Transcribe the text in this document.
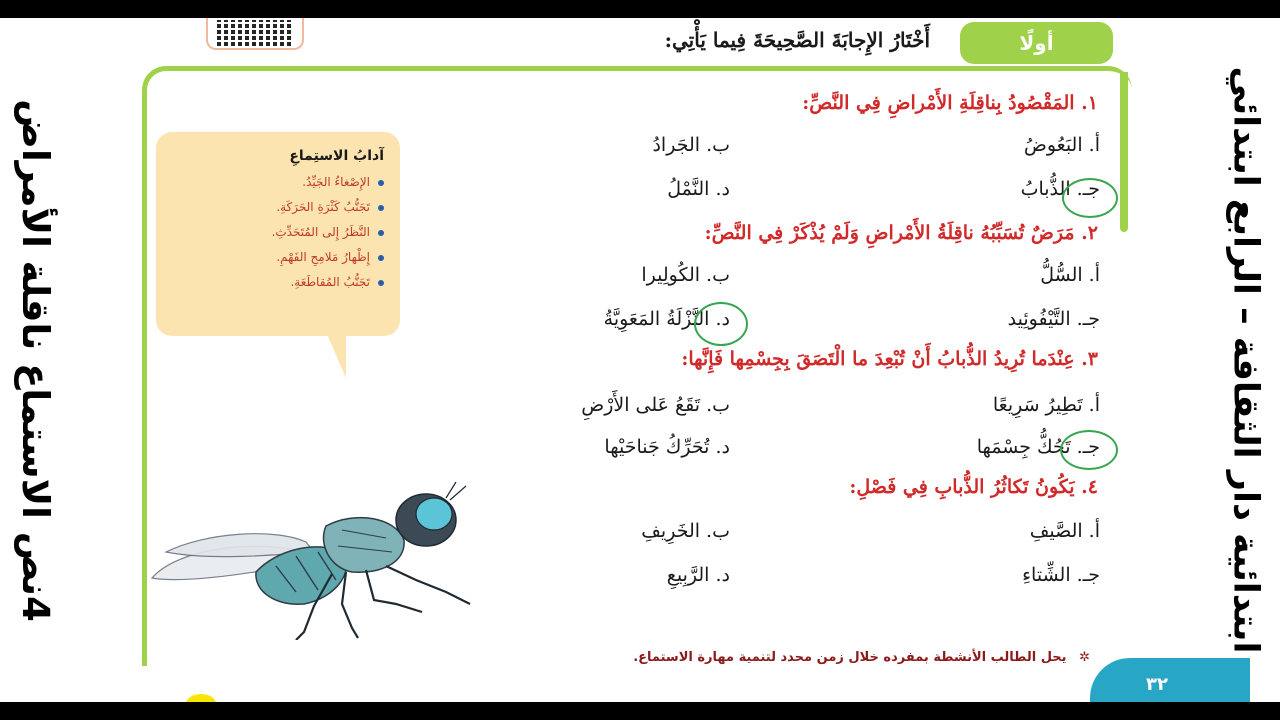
4نص الاستماع ناقلة الأمراض	ابتدائية دار الثقافة – الرابع ابتدائي
أولًا
أَخْتَارُ الإِجابَةَ الصَّحِيحَةَ فِيما يَأْتِي:
آدابُ الاستِماعِ
الإِصْغاءُ الجَيِّدُ.
تَجَنُّبُ كَثْرَةِ الحَرَكَةِ.
النَّظَرُ إِلى المُتَحَدِّثِ.
إِظْهارُ مَلامِحِ الفَهْمِ.
تَجَنُّبُ المُقاطَعَةِ.
١. المَقْصُودُ بِناقِلَةِ الأَمْراضِ فِي النَّصِّ:
أ. البَعُوضُ
ب. الجَرادُ
جـ. الذُّبابُ
د. النَّمْلُ
٢. مَرَضٌ تُسَبِّبُهُ ناقِلَةُ الأَمْراضِ وَلَمْ يُذْكَرْ فِي النَّصِّ:
أ. السُّلُّ
ب. الكُولِيرا
جـ. التَّيْفُوئِيد
د. النَّزْلَةُ المَعَوِيَّةُ
٣. عِنْدَما تُرِيدُ الذُّبابُ أَنْ تُبْعِدَ ما الْتَصَقَ بِجِسْمِها فَإِنَّها:
أ. تَطِيرُ سَرِيعًا
ب. تَقَعُ عَلى الأَرْضِ
جـ. تَحُكُّ جِسْمَها
د. تُحَرِّكُ جَناحَيْها
٤. يَكُونُ تَكاثُرُ الذُّبابِ فِي فَصْلِ:
أ. الصَّيفِ
ب. الخَرِيفِ
جـ. الشِّتاءِ
د. الرَّبِيعِ
✲ يحل الطالب الأنشطة بمفرده خلال زمن محدد لتنمية مهارة الاستماع.
٣٢
